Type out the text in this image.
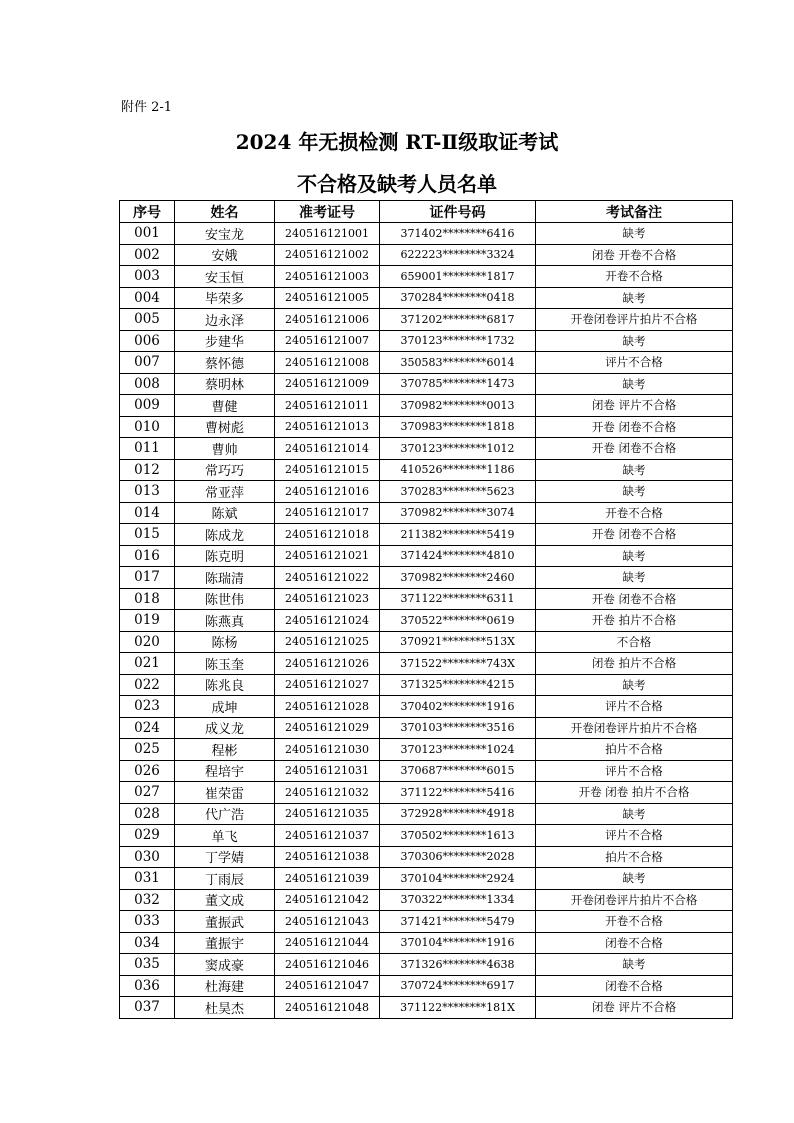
附件 2-1
2024 年无损检测 RT-Ⅱ级取证考试
不合格及缺考人员名单
序号	姓名	准考证号	证件号码	考试备注
001	安宝龙	240516121001	371402********6416	缺考
002	安娥	240516121002	622223********3324	闭卷 开卷不合格
003	安玉恒	240516121003	659001********1817	开卷不合格
004	毕荣多	240516121005	370284********0418	缺考
005	边永泽	240516121006	371202********6817	开卷闭卷评片拍片不合格
006	步建华	240516121007	370123********1732	缺考
007	蔡怀德	240516121008	350583********6014	评片不合格
008	蔡明林	240516121009	370785********1473	缺考
009	曹健	240516121011	370982********0013	闭卷 评片不合格
010	曹树彪	240516121013	370983********1818	开卷 闭卷不合格
011	曹帅	240516121014	370123********1012	开卷 闭卷不合格
012	常巧巧	240516121015	410526********1186	缺考
013	常亚萍	240516121016	370283********5623	缺考
014	陈斌	240516121017	370982********3074	开卷不合格
015	陈成龙	240516121018	211382********5419	开卷 闭卷不合格
016	陈克明	240516121021	371424********4810	缺考
017	陈瑞清	240516121022	370982********2460	缺考
018	陈世伟	240516121023	371122********6311	开卷 闭卷不合格
019	陈燕真	240516121024	370522********0619	开卷 拍片不合格
020	陈杨	240516121025	370921********513X	不合格
021	陈玉奎	240516121026	371522********743X	闭卷 拍片不合格
022	陈兆良	240516121027	371325********4215	缺考
023	成坤	240516121028	370402********1916	评片不合格
024	成义龙	240516121029	370103********3516	开卷闭卷评片拍片不合格
025	程彬	240516121030	370123********1024	拍片不合格
026	程培宇	240516121031	370687********6015	评片不合格
027	崔荣雷	240516121032	371122********5416	开卷 闭卷 拍片不合格
028	代广浩	240516121035	372928********4918	缺考
029	单飞	240516121037	370502********1613	评片不合格
030	丁学婧	240516121038	370306********2028	拍片不合格
031	丁雨辰	240516121039	370104********2924	缺考
032	董文成	240516121042	370322********1334	开卷闭卷评片拍片不合格
033	董振武	240516121043	371421********5479	开卷不合格
034	董振宇	240516121044	370104********1916	闭卷不合格
035	窦成豪	240516121046	371326********4638	缺考
036	杜海建	240516121047	370724********6917	闭卷不合格
037	杜昊杰	240516121048	371122********181X	闭卷 评片不合格
